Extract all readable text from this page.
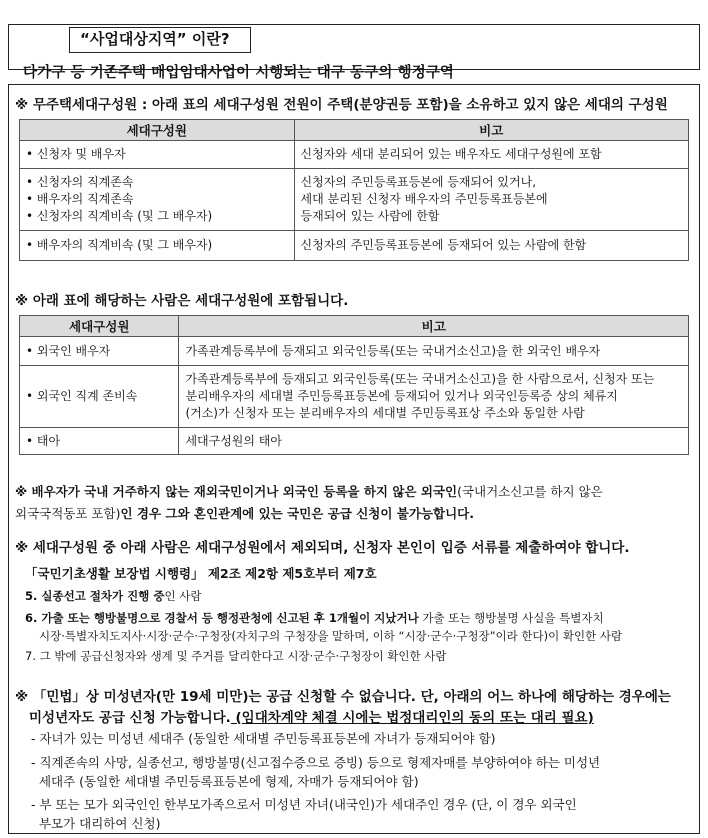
“사업대상지역” 이란?
다가구 등 기존주택 매입임대사업이 시행되는 대구 동구의 행정구역
※ 무주택세대구성원 : 아래 표의 세대구성원 전원이 주택(분양권등 포함)을 소유하고 있지 않은 세대의 구성원
세대구성원	비고

• 신청자 및 배우자	신청자와 세대 분리되어 있는 배우자도 세대구성원에 포함

• 신청자의 직계존속
• 배우자의 직계존속
• 신청자의 직계비속 (및 그 배우자)	신청자의 주민등록표등본에 등재되어 있거나,
세대 분리된 신청자 배우자의 주민등록표등본에
등재되어 있는 사람에 한함

• 배우자의 직계비속 (및 그 배우자)	신청자의 주민등록표등본에 등재되어 있는 사람에 한함
※ 아래 표에 해당하는 사람은 세대구성원에 포함됩니다.
세대구성원	비고

• 외국인 배우자	가족관계등록부에 등재되고 외국인등록(또는 국내거소신고)을 한 외국인 배우자

• 외국인 직계 존비속	가족관계등록부에 등재되고 외국인등록(또는 국내거소신고)을 한 사람으로서, 신청자 또는
분리배우자의 세대별 주민등록표등본에 등재되어 있거나 외국인등록증 상의 체류지
(거소)가 신청자 또는 분리배우자의 세대별 주민등록표상 주소와 동일한 사람

• 태아	세대구성원의 태아
※ 배우자가 국내 거주하지 않는 재외국민이거나 외국인 등록을 하지 않은 외국인(국내거소신고를 하지 않은
외국국적동포 포함)인 경우 그와 혼인관계에 있는 국민은 공급 신청이 불가능합니다.
※ 세대구성원 중 아래 사람은 세대구성원에서 제외되며, 신청자 본인이 입증 서류를 제출하여야 합니다.
「국민기초생활 보장법 시행령」 제2조 제2항 제5호부터 제7호
5. 실종선고 절차가 진행 중인 사람
6. 가출 또는 행방불명으로 경찰서 등 행정관청에 신고된 후 1개월이 지났거나 가출 또는 행방불명 사실을 특별자치
시장·특별자치도지사·시장·군수·구청장(자치구의 구청장을 말하며, 이하 “시장·군수·구청장”이라 한다)이 확인한 사람
7. 그 밖에 공급신청자와 생계 및 주거를 달리한다고 시장·군수·구청장이 확인한 사람
※ 「민법」상 미성년자(만 19세 미만)는 공급 신청할 수 없습니다. 단, 아래의 어느 하나에 해당하는 경우에는
미성년자도 공급 신청 가능합니다. (임대차계약 체결 시에는 법정대리인의 동의 또는 대리 필요)
- 자녀가 있는 미성년 세대주 (동일한 세대별 주민등록표등본에 자녀가 등재되어야 함)
- 직계존속의 사망, 실종선고, 행방불명(신고접수증으로 증빙) 등으로 형제자매를 부양하여야 하는 미성년
세대주 (동일한 세대별 주민등록표등본에 형제, 자매가 등재되어야 함)
- 부 또는 모가 외국인인 한부모가족으로서 미성년 자녀(내국인)가 세대주인 경우 (단, 이 경우 외국인
부모가 대리하여 신청)
